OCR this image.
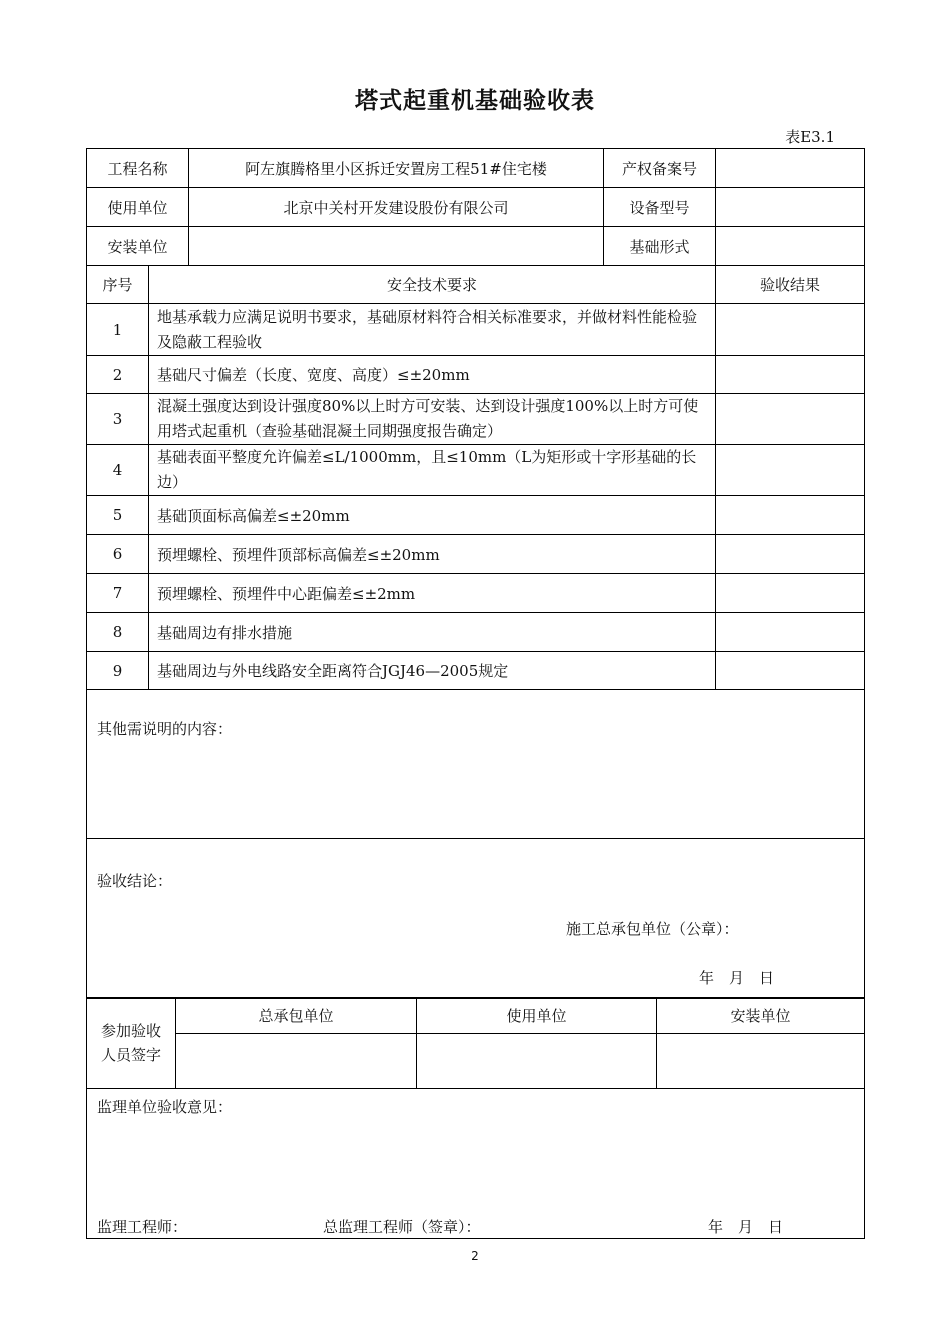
塔式起重机基础验收表
表E3.1
工程名称		阿左旗腾格里小区拆迁安置房工程51#住宅楼	产权备案号	
使用单位		北京中关村开发建设股份有限公司	设备型号	
安装单位			基础形式	
序号	安全技术要求			验收结果
1	地基承载力应满足说明书要求，基础原材料符合相关标准要求，并做材料性能检验及隐蔽工程验收			
2	基础尺寸偏差（长度、宽度、高度）≤±20mm			
3	混凝土强度达到设计强度80%以上时方可安装、达到设计强度100%以上时方可使用塔式起重机（查验基础混凝土同期强度报告确定）			
4	基础表面平整度允许偏差≤L/1000mm，且≤10mm（L为矩形或十字形基础的长边）			
5	基础顶面标高偏差≤±20mm			
6	预埋螺栓、预埋件顶部标高偏差≤±20mm			
7	预埋螺栓、预埋件中心距偏差≤±2mm			
8	基础周边有排水措施			
9	基础周边与外电线路安全距离符合JGJ46—2005规定			
其他需说明的内容：				

验收结论：
施工总承包单位（公章）：
年　月　日				
参加验收人员签字	总承包单位	使用单位	安装单位

监理单位验收意见：
监理工程师： 总监理工程师（签章）： 年　月　日			
2
